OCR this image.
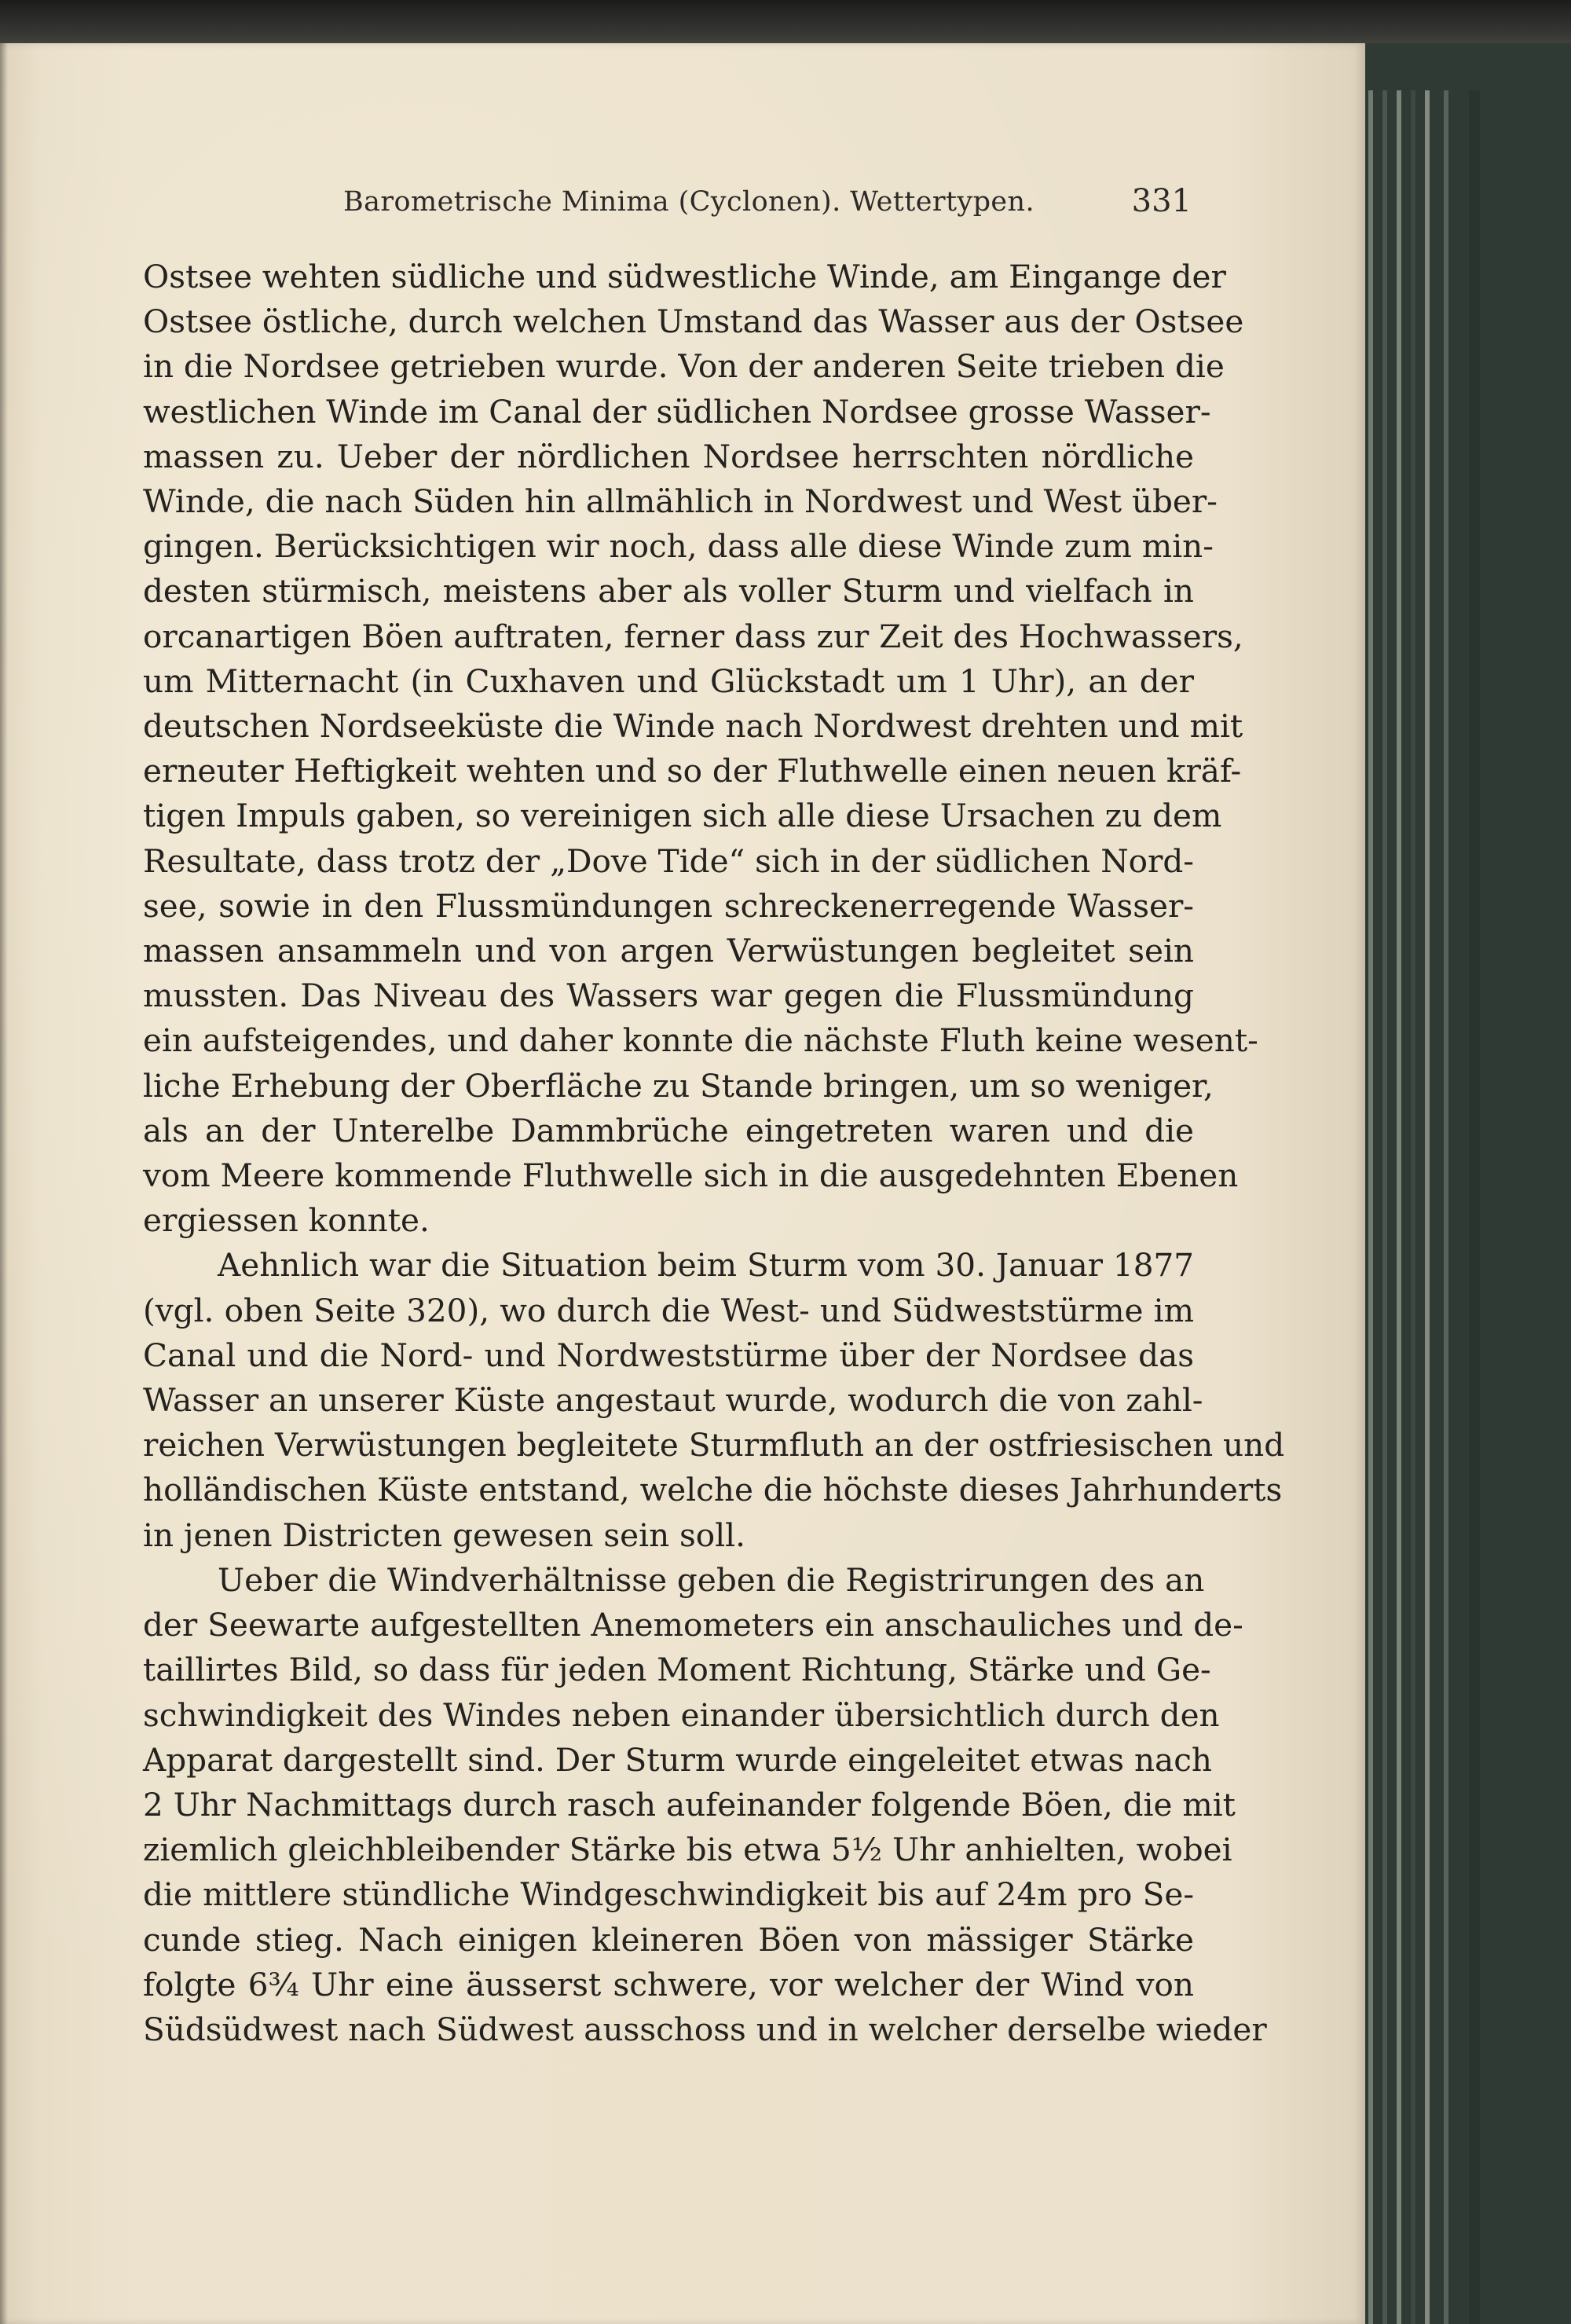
Barometrische Minima (Cyclonen). Wettertypen.	331
Ostsee wehten südliche und südwestliche Winde, am Eingange der
Ostsee östliche, durch welchen Umstand das Wasser aus der Ostsee
in die Nordsee getrieben wurde. Von der anderen Seite trieben die
westlichen Winde im Canal der südlichen Nordsee grosse Wasser-
massen zu. Ueber der nördlichen Nordsee herrschten nördliche
Winde, die nach Süden hin allmählich in Nordwest und West über-
gingen. Berücksichtigen wir noch, dass alle diese Winde zum min-
desten stürmisch, meistens aber als voller Sturm und vielfach in
orcanartigen Böen auftraten, ferner dass zur Zeit des Hochwassers,
um Mitternacht (in Cuxhaven und Glückstadt um 1 Uhr), an der
deutschen Nordseeküste die Winde nach Nordwest drehten und mit
erneuter Heftigkeit wehten und so der Fluthwelle einen neuen kräf-
tigen Impuls gaben, so vereinigen sich alle diese Ursachen zu dem
Resultate, dass trotz der „Dove Tide“ sich in der südlichen Nord-
see, sowie in den Flussmündungen schreckenerregende Wasser-
massen ansammeln und von argen Verwüstungen begleitet sein
mussten. Das Niveau des Wassers war gegen die Flussmündung
ein aufsteigendes, und daher konnte die nächste Fluth keine wesent-
liche Erhebung der Oberfläche zu Stande bringen, um so weniger,
als an der Unterelbe Dammbrüche eingetreten waren und die
vom Meere kommende Fluthwelle sich in die ausgedehnten Ebenen
ergiessen konnte.
Aehnlich war die Situation beim Sturm vom 30. Januar 1877
(vgl. oben Seite 320), wo durch die West- und Südweststürme im
Canal und die Nord- und Nordweststürme über der Nordsee das
Wasser an unserer Küste angestaut wurde, wodurch die von zahl-
reichen Verwüstungen begleitete Sturmfluth an der ostfriesischen und
holländischen Küste entstand, welche die höchste dieses Jahrhunderts
in jenen Districten gewesen sein soll.
Ueber die Windverhältnisse geben die Registrirungen des an
der Seewarte aufgestellten Anemometers ein anschauliches und de-
taillirtes Bild, so dass für jeden Moment Richtung, Stärke und Ge-
schwindigkeit des Windes neben einander übersichtlich durch den
Apparat dargestellt sind. Der Sturm wurde eingeleitet etwas nach
2 Uhr Nachmittags durch rasch aufeinander folgende Böen, die mit
ziemlich gleichbleibender Stärke bis etwa 5½ Uhr anhielten, wobei
die mittlere stündliche Windgeschwindigkeit bis auf 24m pro Se-
cunde stieg. Nach einigen kleineren Böen von mässiger Stärke
folgte 6¾ Uhr eine äusserst schwere, vor welcher der Wind von
Südsüdwest nach Südwest ausschoss und in welcher derselbe wieder
